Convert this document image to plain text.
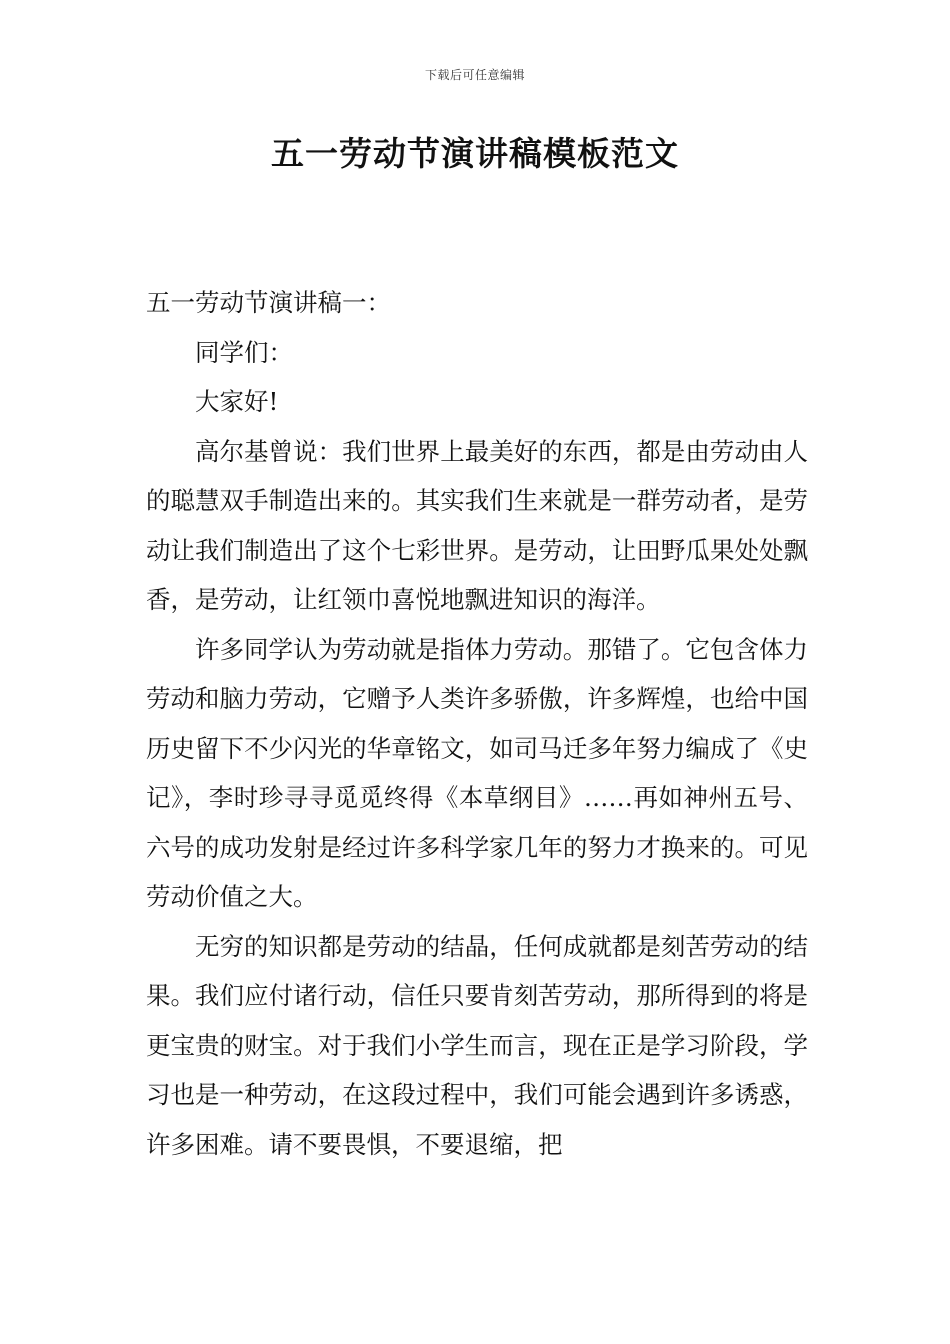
下载后可任意编辑
五一劳动节演讲稿模板范文

五一劳动节演讲稿一：

同学们：

大家好!

高尔基曾说：我们世界上最美好的东西，都是由劳动由人的聪慧双手制造出来的。其实我们生来就是一群劳动者，是劳动让我们制造出了这个七彩世界。是劳动，让田野瓜果处处飘香，是劳动，让红领巾喜悦地飘进知识的海洋。

许多同学认为劳动就是指体力劳动。那错了。它包含体力劳动和脑力劳动，它赠予人类许多骄傲，许多辉煌，也给中国历史留下不少闪光的华章铭文，如司马迁多年努力编成了《史记》，李时珍寻寻觅觅终得《本草纲目》……再如神州五号、六号的成功发射是经过许多科学家几年的努力才换来的。可见劳动价值之大。

无穷的知识都是劳动的结晶，任何成就都是刻苦劳动的结果。我们应付诸行动，信任只要肯刻苦劳动，那所得到的将是更宝贵的财宝。对于我们小学生而言，现在正是学习阶段，学习也是一种劳动，在这段过程中，我们可能会遇到许多诱惑，许多困难。请不要畏惧，不要退缩，把
